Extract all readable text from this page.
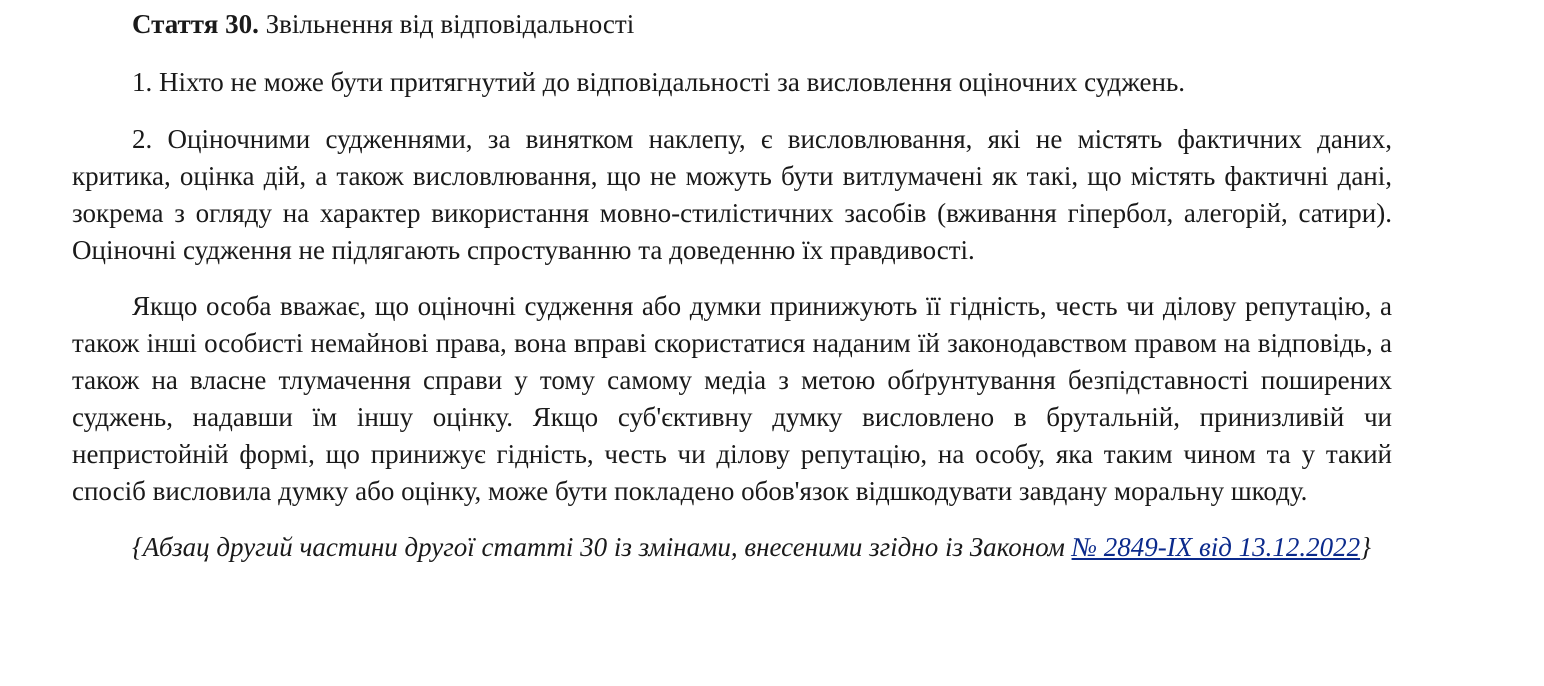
Стаття 30. Звільнення від відповідальності

1. Ніхто не може бути притягнутий до відповідальності за висловлення оціночних суджень.

2. Оціночними судженнями, за винятком наклепу, є висловлювання, які не містять фактичних даних, критика, оцінка дій, а також висловлювання, що не можуть бути витлумачені як такі, що містять фактичні дані, зокрема з огляду на характер використання мовно-стилістичних засобів (вживання гіпербол, алегорій, сатири). Оціночні судження не підлягають спростуванню та доведенню їх правдивості.

Якщо особа вважає, що оціночні судження або думки принижують її гідність, честь чи ділову репутацію, а також інші особисті немайнові права, вона вправі скористатися наданим їй законодавством правом на відповідь, а також на власне тлумачення справи у тому самому медіа з метою обґрунтування безпідставності поширених суджень, надавши їм іншу оцінку. Якщо суб'єктивну думку висловлено в брутальній, принизливій чи непристойній формі, що принижує гідність, честь чи ділову репутацію, на особу, яка таким чином та у такий спосіб висловила думку або оцінку, може бути покладено обов'язок відшкодувати завдану моральну шкоду.

{Абзац другий частини другої статті 30 із змінами, внесеними згідно із Законом № 2849-IX від 13.12.2022}
